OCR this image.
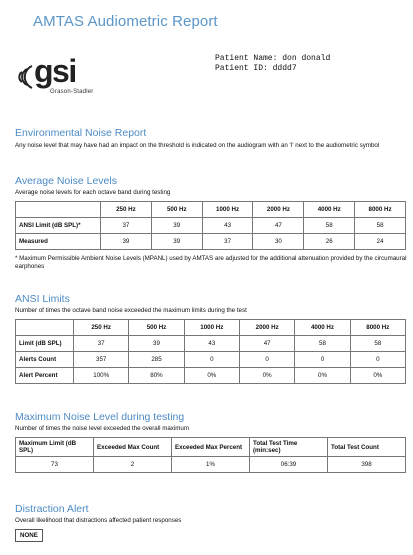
AMTAS Audiometric Report
gsi
Grason-Stadler
Patient Name: don donald
Patient ID: dddd7
Environmental Noise Report
Any noise level that may have had an impact on the threshold is indicated on the audiogram with an 'I' next to the audiometric symbol
Average Noise Levels
Average noise levels for each octave band during testing
	250 Hz	500 Hz	1000 Hz	2000 Hz	4000 Hz	8000 Hz
ANSI Limit (dB SPL)*	37	39	43	47	58	58
Measured	39	39	37	30	26	24
* Maximum Permissible Ambient Noise Levels (MPANL) used by AMTAS are adjusted for the additional attenuation provided by the circumaural earphones
ANSI Limits
Number of times the octave band noise exceeded the maximum limits during the test
	250 Hz	500 Hz	1000 Hz	2000 Hz	4000 Hz	8000 Hz
Limit (dB SPL)	37	39	43	47	58	58
Alerts Count	357	285	0	0	0	0
Alert Percent	100%	80%	0%	0%	0%	0%
Maximum Noise Level during testing
Number of times the noise level exceeded the overall maximum
Maximum Limit (dB SPL)	Exceeded Max Count	Exceeded Max Percent	Total Test Time (min:sec)	Total Test Count
73	2	1%	06:39	398
Distraction Alert
Overall likelihood that distractions affected patient responses
NONE
